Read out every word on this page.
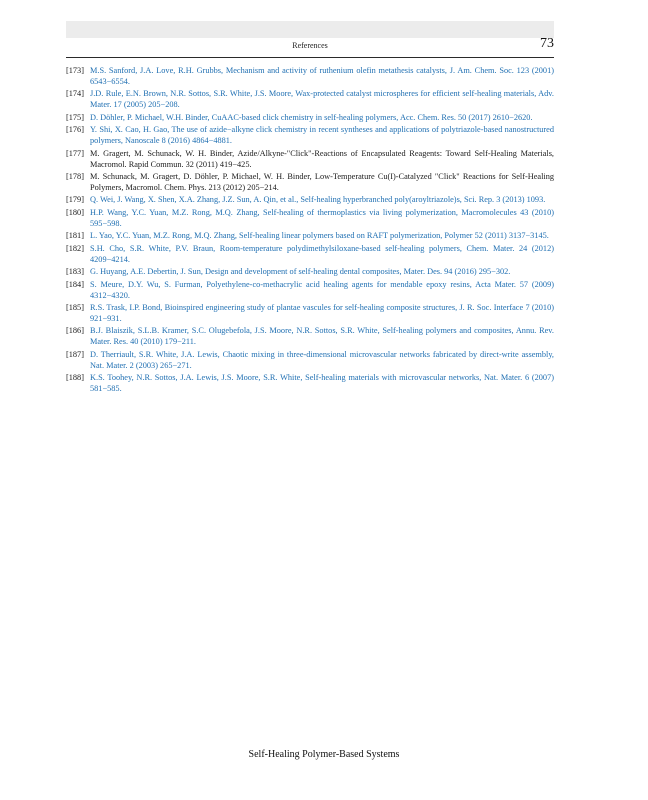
References	73
[173] M.S. Sanford, J.A. Love, R.H. Grubbs, Mechanism and activity of ruthenium olefin metathesis catalysts, J. Am. Chem. Soc. 123 (2001) 6543−6554.
[174] J.D. Rule, E.N. Brown, N.R. Sottos, S.R. White, J.S. Moore, Wax-protected catalyst microspheres for efficient self-healing materials, Adv. Mater. 17 (2005) 205−208.
[175] D. Döhler, P. Michael, W.H. Binder, CuAAC-based click chemistry in self-healing polymers, Acc. Chem. Res. 50 (2017) 2610−2620.
[176] Y. Shi, X. Cao, H. Gao, The use of azide−alkyne click chemistry in recent syntheses and applications of polytriazole-based nanostructured polymers, Nanoscale 8 (2016) 4864−4881.
[177] M. Gragert, M. Schunack, W. H. Binder, Azide/Alkyne-"Click"-Reactions of Encapsulated Reagents: Toward Self-Healing Materials, Macromol. Rapid Commun. 32 (2011) 419−425.
[178] M. Schunack, M. Gragert, D. Döhler, P. Michael, W. H. Binder, Low-Temperature Cu(I)-Catalyzed "Click" Reactions for Self-Healing Polymers, Macromol. Chem. Phys. 213 (2012) 205−214.
[179] Q. Wei, J. Wang, X. Shen, X.A. Zhang, J.Z. Sun, A. Qin, et al., Self-healing hyperbranched poly(aroyltriazole)s, Sci. Rep. 3 (2013) 1093.
[180] H.P. Wang, Y.C. Yuan, M.Z. Rong, M.Q. Zhang, Self-healing of thermoplastics via living polymerization, Macromolecules 43 (2010) 595−598.
[181] L. Yao, Y.C. Yuan, M.Z. Rong, M.Q. Zhang, Self-healing linear polymers based on RAFT polymerization, Polymer 52 (2011) 3137−3145.
[182] S.H. Cho, S.R. White, P.V. Braun, Room-temperature polydimethylsiloxane-based self-healing polymers, Chem. Mater. 24 (2012) 4209−4214.
[183] G. Huyang, A.E. Debertin, J. Sun, Design and development of self-healing dental composites, Mater. Des. 94 (2016) 295−302.
[184] S. Meure, D.Y. Wu, S. Furman, Polyethylene-co-methacrylic acid healing agents for mendable epoxy resins, Acta Mater. 57 (2009) 4312−4320.
[185] R.S. Trask, I.P. Bond, Bioinspired engineering study of plantae vascules for self-healing composite structures, J. R. Soc. Interface 7 (2010) 921−931.
[186] B.J. Blaiszik, S.L.B. Kramer, S.C. Olugebefola, J.S. Moore, N.R. Sottos, S.R. White, Self-healing polymers and composites, Annu. Rev. Mater. Res. 40 (2010) 179−211.
[187] D. Therriault, S.R. White, J.A. Lewis, Chaotic mixing in three-dimensional microvascular networks fabricated by direct-write assembly, Nat. Mater. 2 (2003) 265−271.
[188] K.S. Toohey, N.R. Sottos, J.A. Lewis, J.S. Moore, S.R. White, Self-healing materials with microvascular networks, Nat. Mater. 6 (2007) 581−585.
Self-Healing Polymer-Based Systems
